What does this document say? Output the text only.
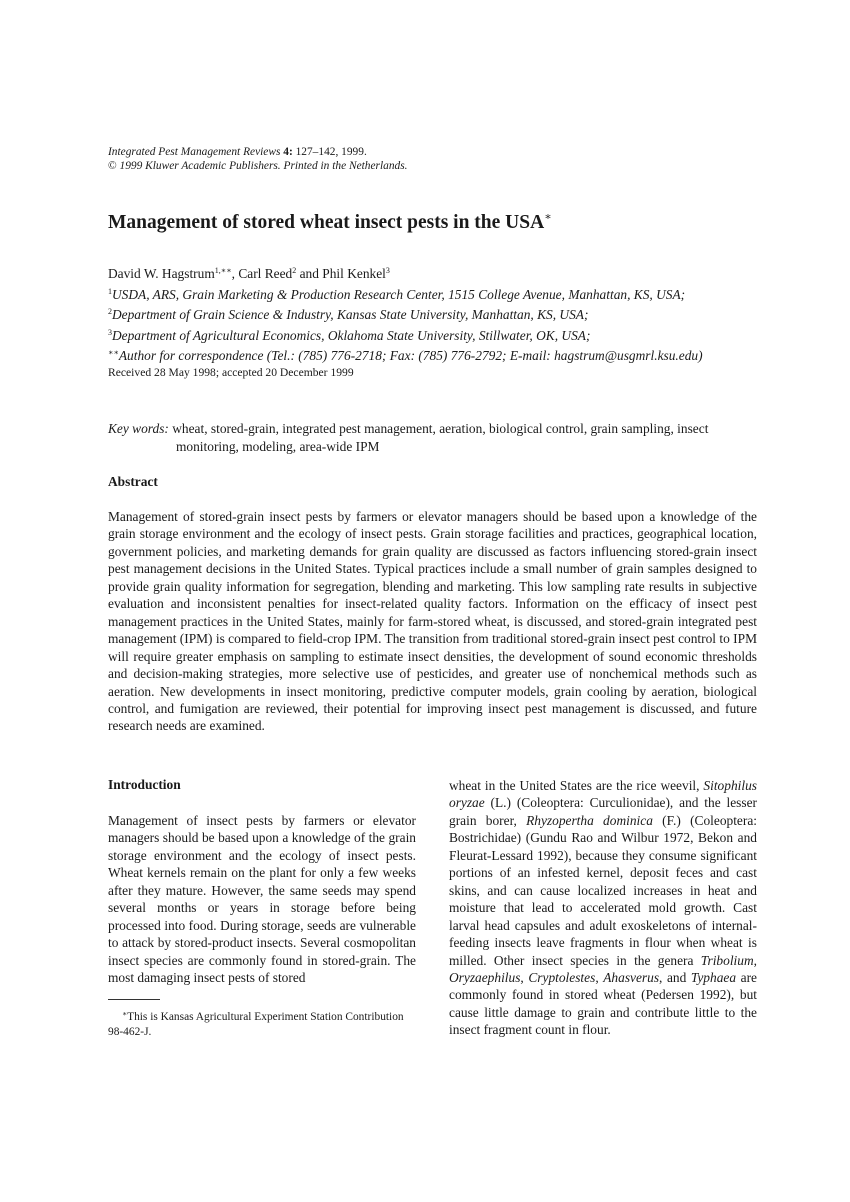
Integrated Pest Management Reviews 4: 127–142, 1999.
© 1999 Kluwer Academic Publishers. Printed in the Netherlands.
Management of stored wheat insect pests in the USA∗
David W. Hagstrum$^{1,∗∗}$, Carl Reed$^2$ and Phil Kenkel$^3$
$^1$USDA, ARS, Grain Marketing & Production Research Center, 1515 College Avenue, Manhattan, KS, USA;
$^2$Department of Grain Science & Industry, Kansas State University, Manhattan, KS, USA;
$^3$Department of Agricultural Economics, Oklahoma State University, Stillwater, OK, USA;
∗∗Author for correspondence (Tel.: (785) 776-2718; Fax: (785) 776-2792; E-mail: hagstrum@usgmrl.ksu.edu)
Received 28 May 1998; accepted 20 December 1999
Key words: wheat, stored-grain, integrated pest management, aeration, biological control, grain sampling, insect
monitoring, modeling, area-wide IPM
Abstract
Management of stored-grain insect pests by farmers or elevator managers should be based upon a knowledge of the grain storage environment and the ecology of insect pests. Grain storage facilities and practices, geographical location, government policies, and marketing demands for grain quality are discussed as factors influencing stored-grain insect pest management decisions in the United States. Typical practices include a small number of grain samples designed to provide grain quality information for segregation, blending and marketing. This low sampling rate results in subjective evaluation and inconsistent penalties for insect-related quality factors. Information on the efficacy of insect pest management practices in the United States, mainly for farm-stored wheat, is discussed, and stored-grain integrated pest management (IPM) is compared to field-crop IPM. The transition from traditional stored-grain insect pest control to IPM will require greater emphasis on sampling to estimate insect densities, the development of sound economic thresholds and decision-making strategies, more selective use of pesticides, and greater use of nonchemical methods such as aeration. New developments in insect monitoring, predictive computer models, grain cooling by aeration, biological control, and fumigation are reviewed, their potential for improving insect pest management is discussed, and future research needs are examined.
Introduction
Management of insect pests by farmers or elevator managers should be based upon a knowledge of the grain storage environment and the ecology of insect pests. Wheat kernels remain on the plant for only a few weeks after they mature. However, the same seeds may spend several months or years in storage before being processed into food. During storage, seeds are vulnerable to attack by stored-product insects. Several cosmopolitan insect species are commonly found in stored-grain. The most damaging insect pests of stored
wheat in the United States are the rice weevil, Sitophilus oryzae (L.) (Coleoptera: Curculionidae), and the lesser grain borer, Rhyzopertha dominica (F.) (Coleoptera: Bostrichidae) (Gundu Rao and Wilbur 1972, Bekon and Fleurat-Lessard 1992), because they consume significant portions of an infested kernel, deposit feces and cast skins, and can cause localized increases in heat and moisture that lead to accelerated mold growth. Cast larval head capsules and adult exoskeletons of internal-feeding insects leave fragments in flour when wheat is milled. Other insect species in the genera Tribolium, Oryzaephilus, Cryptolestes, Ahasverus, and Typhaea are commonly found in stored wheat (Pedersen 1992), but cause little damage to grain and contribute little to the insect fragment count in flour.
∗This is Kansas Agricultural Experiment Station Contribution
98-462-J.
